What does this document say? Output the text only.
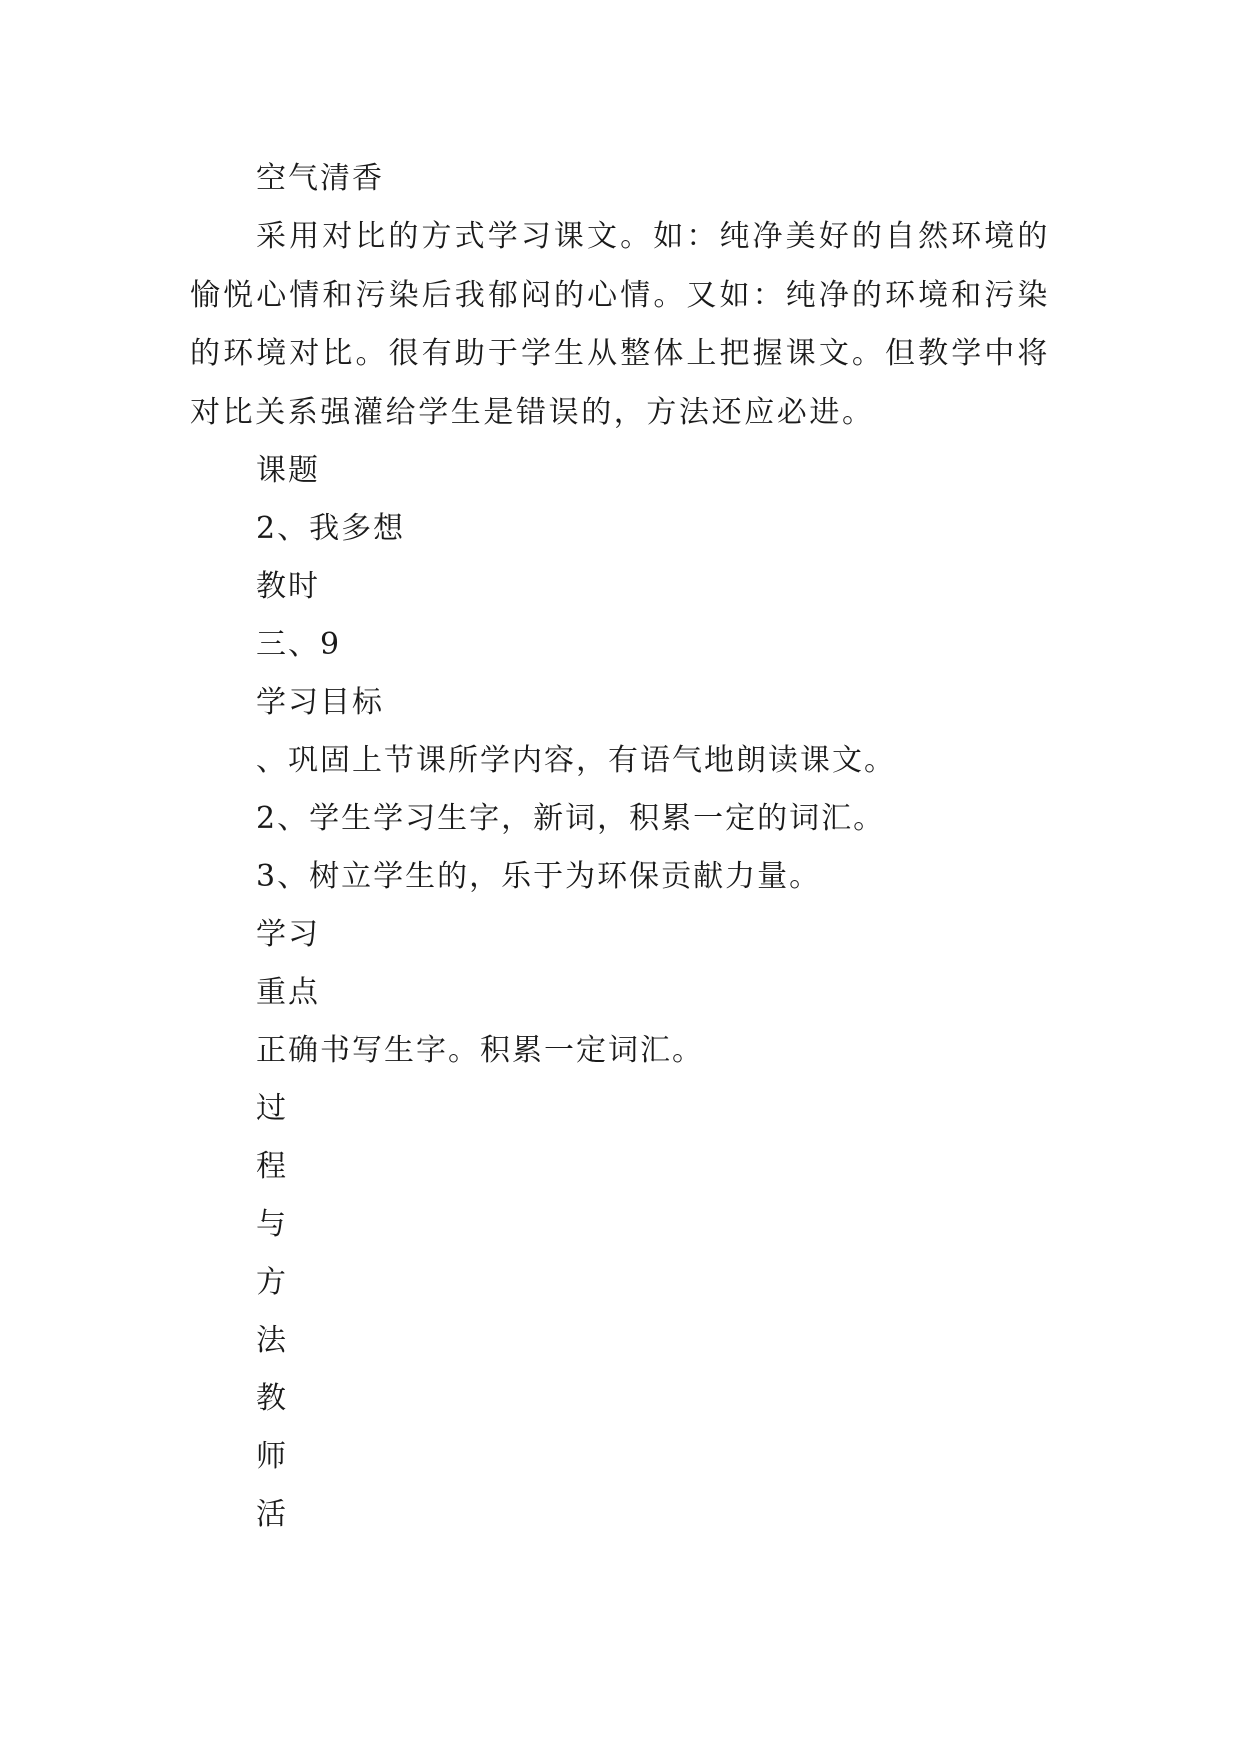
空气清香
采用对比的方式学习课文。如：纯净美好的自然环境的愉悦心情和污染后我郁闷的心情。又如：纯净的环境和污染的环境对比。很有助于学生从整体上把握课文。但教学中将对比关系强灌给学生是错误的，方法还应必进。
课题
2、我多想
教时
三、9
学习目标
、巩固上节课所学内容，有语气地朗读课文。
2、学生学习生字，新词，积累一定的词汇。
3、树立学生的，乐于为环保贡献力量。
学习
重点
正确书写生字。积累一定词汇。
过
程
与
方
法
教
师
活
